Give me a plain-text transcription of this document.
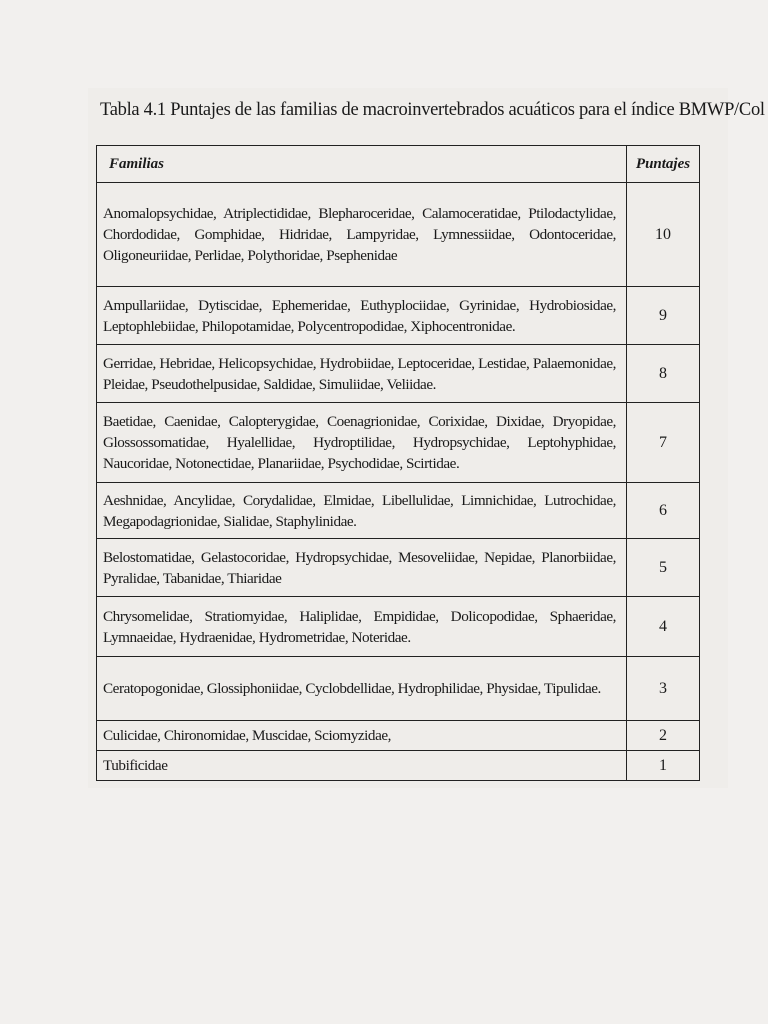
Tabla 4.1 Puntajes de las familias de macroinvertebrados acuáticos para el índice BMWP/Col
Familias	Puntajes
Anomalopsychidae, Atriplectididae, Blepharoceridae, Calamoceratidae, Ptilodactylidae, Chordodidae, Gomphidae, Hidridae, Lampyridae, Lymnessiidae, Odontoceridae, Oligoneuriidae, Perlidae, Polythoridae, Psephenidae	10
Ampullariidae, Dytiscidae, Ephemeridae, Euthyplociidae, Gyrinidae, Hydrobiosidae, Leptophlebiidae, Philopotamidae, Polycentropodidae, Xiphocentronidae.	9
Gerridae, Hebridae, Helicopsychidae, Hydrobiidae, Leptoceridae, Lestidae, Palaemonidae, Pleidae, Pseudothelpusidae, Saldidae, Simuliidae, Veliidae.	8
Baetidae, Caenidae, Calopterygidae, Coenagrionidae, Corixidae, Dixidae, Dryopidae, Glossossomatidae, Hyalellidae, Hydroptilidae, Hydropsychidae, Leptohyphidae, Naucoridae, Notonectidae, Planariidae, Psychodidae, Scirtidae.	7
Aeshnidae, Ancylidae, Corydalidae, Elmidae, Libellulidae, Limnichidae, Lutrochidae, Megapodagrionidae, Sialidae, Staphylinidae.	6
Belostomatidae, Gelastocoridae, Hydropsychidae, Mesoveliidae, Nepidae, Planorbiidae, Pyralidae, Tabanidae, Thiaridae	5
Chrysomelidae, Stratiomyidae, Haliplidae, Empididae, Dolicopodidae, Sphaeridae, Lymnaeidae, Hydraenidae, Hydrometridae, Noteridae.	4
Ceratopogonidae, Glossiphoniidae, Cyclobdellidae, Hydrophilidae, Physidae, Tipulidae.	3
Culicidae, Chironomidae, Muscidae, Sciomyzidae,	2
Tubificidae	1
